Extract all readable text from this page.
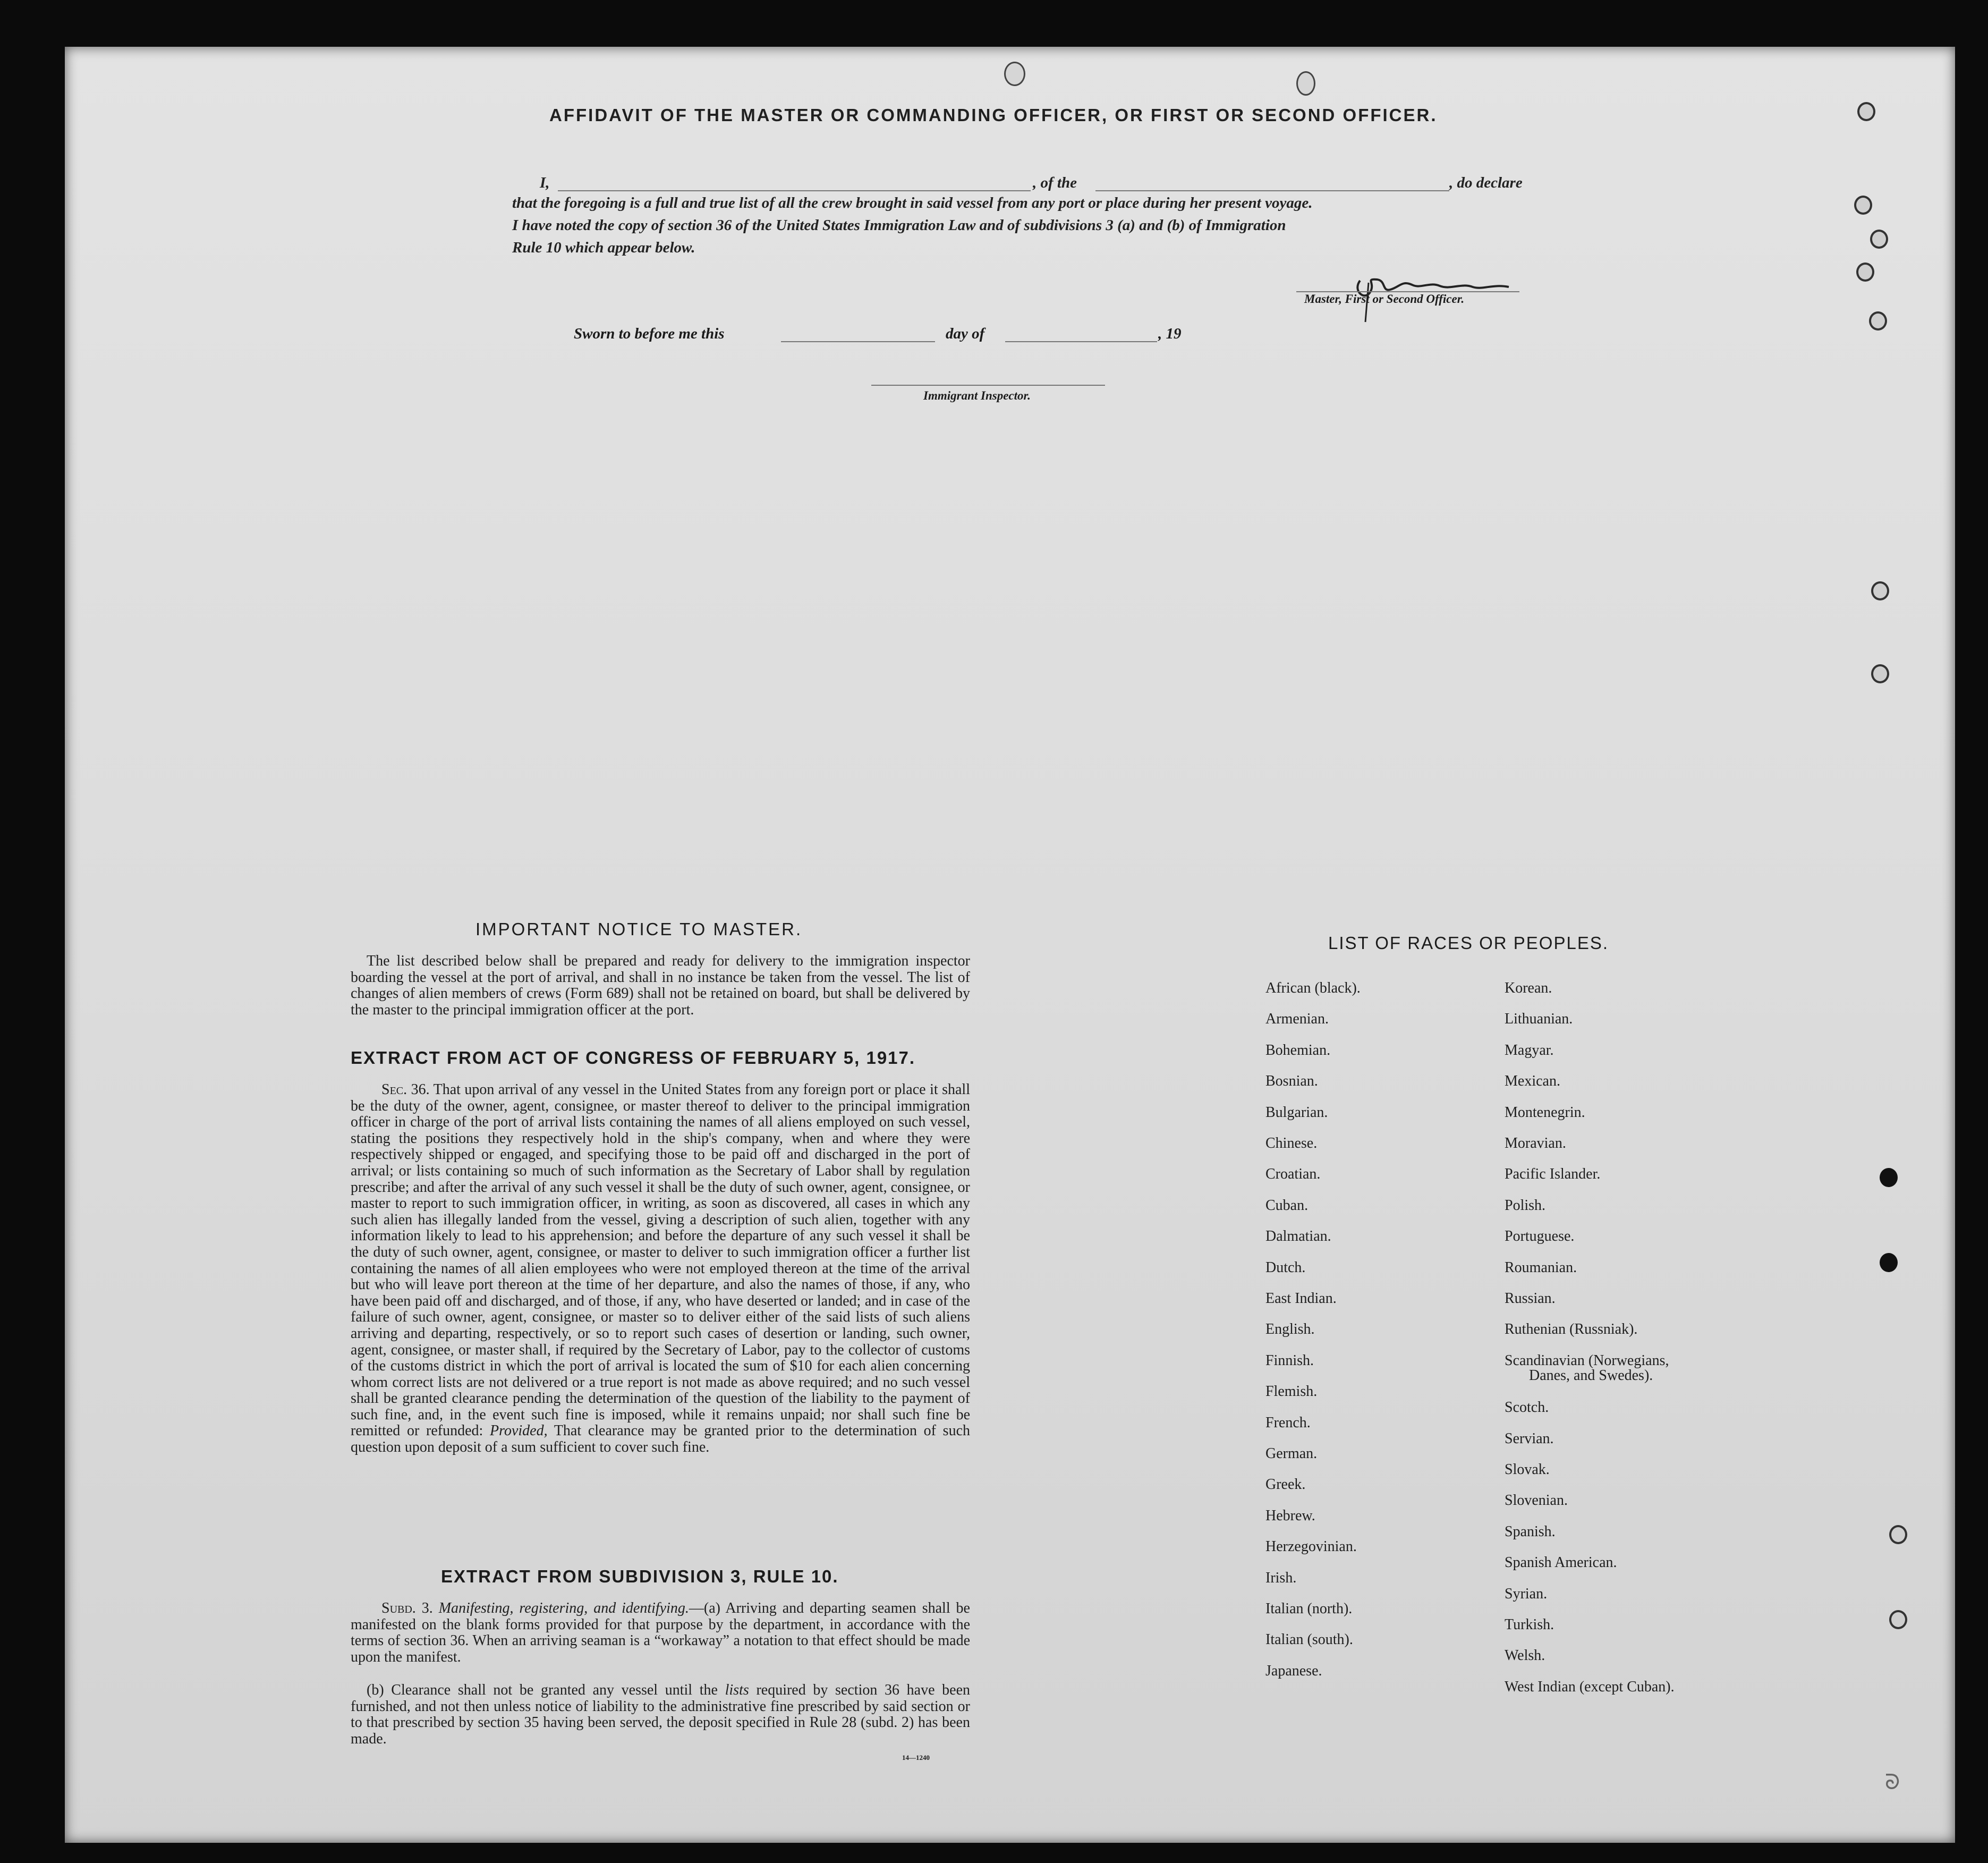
AFFIDAVIT OF THE MASTER OR COMMANDING OFFICER, OR FIRST OR SECOND OFFICER.
I,	, of the	, do declare
that the foregoing is a full and true list of all the crew brought in said vessel from any port or place during her present voyage.
I have noted the copy of section 36 of the United States Immigration Law and of subdivisions 3 (a) and (b) of Immigration
Rule 10 which appear below.
Master, First or Second Officer.
Sworn to before me this	day of	, 19
Immigrant Inspector.
IMPORTANT NOTICE TO MASTER.
The list described below shall be prepared and ready for delivery to the immigration inspector boarding the vessel at the port of arrival, and shall in no instance be taken from the vessel. The list of changes of alien members of crews (Form 689) shall not be retained on board, but shall be delivered by the master to the principal immigration officer at the port.
EXTRACT FROM ACT OF CONGRESS OF FEBRUARY 5, 1917.
Sec. 36. That upon arrival of any vessel in the United States from any foreign port or place it shall be the duty of the owner, agent, consignee, or master thereof to deliver to the principal immigration officer in charge of the port of arrival lists containing the names of all aliens employed on such vessel, stating the positions they respectively hold in the ship's company, when and where they were respectively shipped or engaged, and specifying those to be paid off and discharged in the port of arrival; or lists containing so much of such information as the Secretary of Labor shall by regulation prescribe; and after the arrival of any such vessel it shall be the duty of such owner, agent, consignee, or master to report to such immigration officer, in writing, as soon as discovered, all cases in which any such alien has illegally landed from the vessel, giving a description of such alien, together with any information likely to lead to his apprehension; and before the departure of any such vessel it shall be the duty of such owner, agent, consignee, or master to deliver to such immigration officer a further list containing the names of all alien employees who were not employed thereon at the time of the arrival but who will leave port thereon at the time of her departure, and also the names of those, if any, who have been paid off and discharged, and of those, if any, who have deserted or landed; and in case of the failure of such owner, agent, consignee, or master so to deliver either of the said lists of such aliens arriving and departing, respectively, or so to report such cases of desertion or landing, such owner, agent, consignee, or master shall, if required by the Secretary of Labor, pay to the collector of customs of the customs district in which the port of arrival is located the sum of $10 for each alien concerning whom correct lists are not delivered or a true report is not made as above required; and no such vessel shall be granted clearance pending the determination of the question of the liability to the payment of such fine, and, in the event such fine is imposed, while it remains unpaid; nor shall such fine be remitted or refunded: Provided, That clearance may be granted prior to the determination of such question upon deposit of a sum sufficient to cover such fine.
EXTRACT FROM SUBDIVISION 3, RULE 10.
Subd. 3. Manifesting, registering, and identifying.—(a) Arriving and departing seamen shall be manifested on the blank forms provided for that purpose by the department, in accordance with the terms of section 36. When an arriving seaman is a “workaway” a notation to that effect should be made upon the manifest.
(b) Clearance shall not be granted any vessel until the lists required by section 36 have been furnished, and not then unless notice of liability to the administrative fine prescribed by said section or to that prescribed by section 35 having been served, the deposit specified in Rule 28 (subd. 2) has been made.
14—1240
LIST OF RACES OR PEOPLES.
African (black).
Armenian.
Bohemian.
Bosnian.
Bulgarian.
Chinese.
Croatian.
Cuban.
Dalmatian.
Dutch.
East Indian.
English.
Finnish.
Flemish.
French.
German.
Greek.
Hebrew.
Herzegovinian.
Irish.
Italian (north).
Italian (south).
Japanese.
Korean.
Lithuanian.
Magyar.
Mexican.
Montenegrin.
Moravian.
Pacific Islander.
Polish.
Portuguese.
Roumanian.
Russian.
Ruthenian (Russniak).
Scandinavian (Norwegians,
Danes, and Swedes).
Scotch.
Servian.
Slovak.
Slovenian.
Spanish.
Spanish American.
Syrian.
Turkish.
Welsh.
West Indian (except Cuban).
ᘐ
